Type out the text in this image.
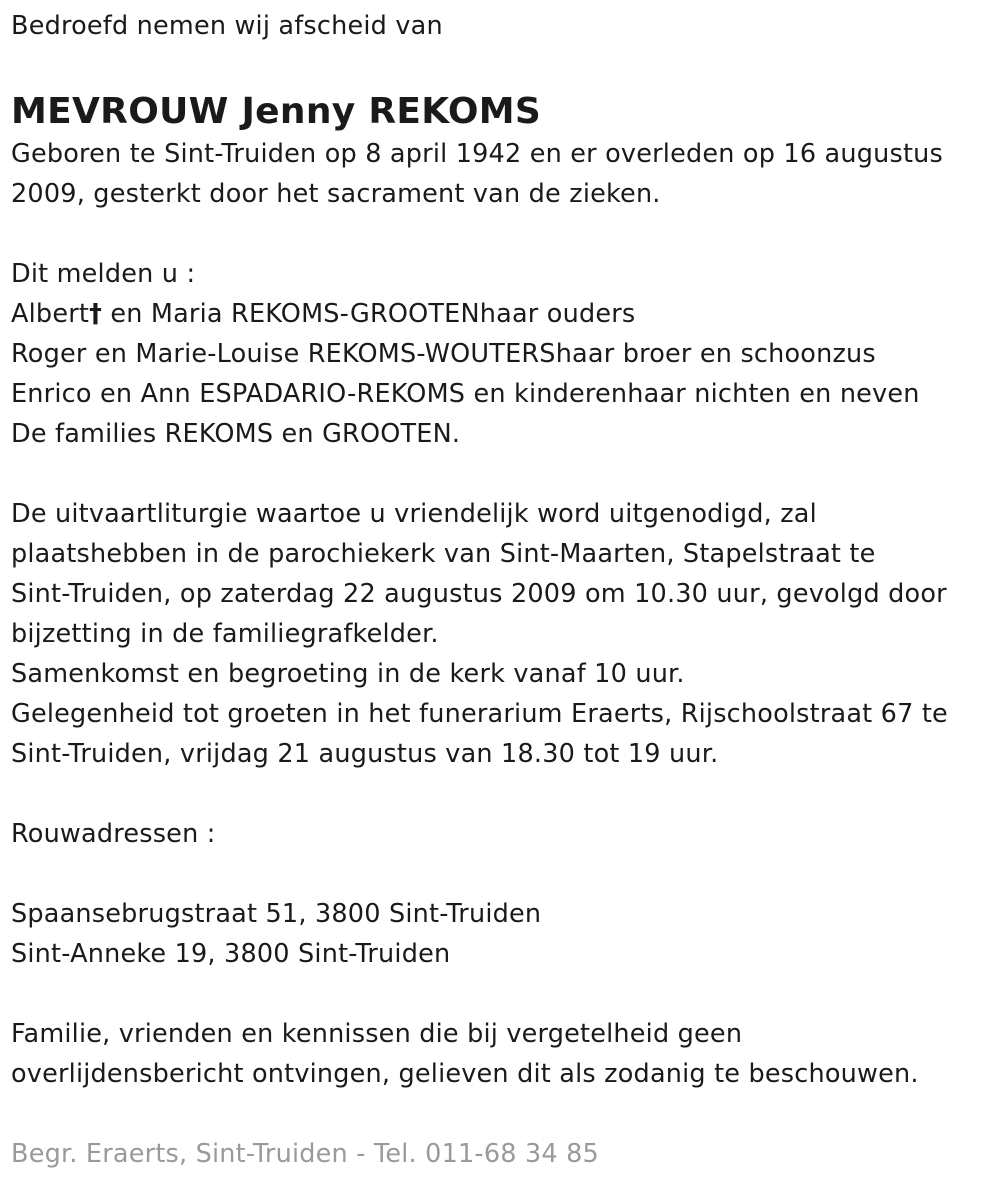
Bedroefd nemen wij afscheid van
MEVROUW Jenny REKOMS
Geboren te Sint-Truiden op 8 april 1942 en er overleden op 16 augustus
2009, gesterkt door het sacrament van de zieken.
Dit melden u :
Albert† en Maria REKOMS-GROOTENhaar ouders
Roger en Marie-Louise REKOMS-WOUTERShaar broer en schoonzus
Enrico en Ann ESPADARIO-REKOMS en kinderenhaar nichten en neven
De families REKOMS en GROOTEN.
De uitvaartliturgie waartoe u vriendelijk word uitgenodigd, zal
plaatshebben in de parochiekerk van Sint-Maarten, Stapelstraat te
Sint-Truiden, op zaterdag 22 augustus 2009 om 10.30 uur, gevolgd door
bijzetting in de familiegrafkelder.
Samenkomst en begroeting in de kerk vanaf 10 uur.
Gelegenheid tot groeten in het funerarium Eraerts, Rijschoolstraat 67 te
Sint-Truiden, vrijdag 21 augustus van 18.30 tot 19 uur.
Rouwadressen :
Spaansebrugstraat 51, 3800 Sint-Truiden
Sint-Anneke 19, 3800 Sint-Truiden
Familie, vrienden en kennissen die bij vergetelheid geen
overlijdensbericht ontvingen, gelieven dit als zodanig te beschouwen.
Begr. Eraerts, Sint-Truiden - Tel. 011-68 34 85
